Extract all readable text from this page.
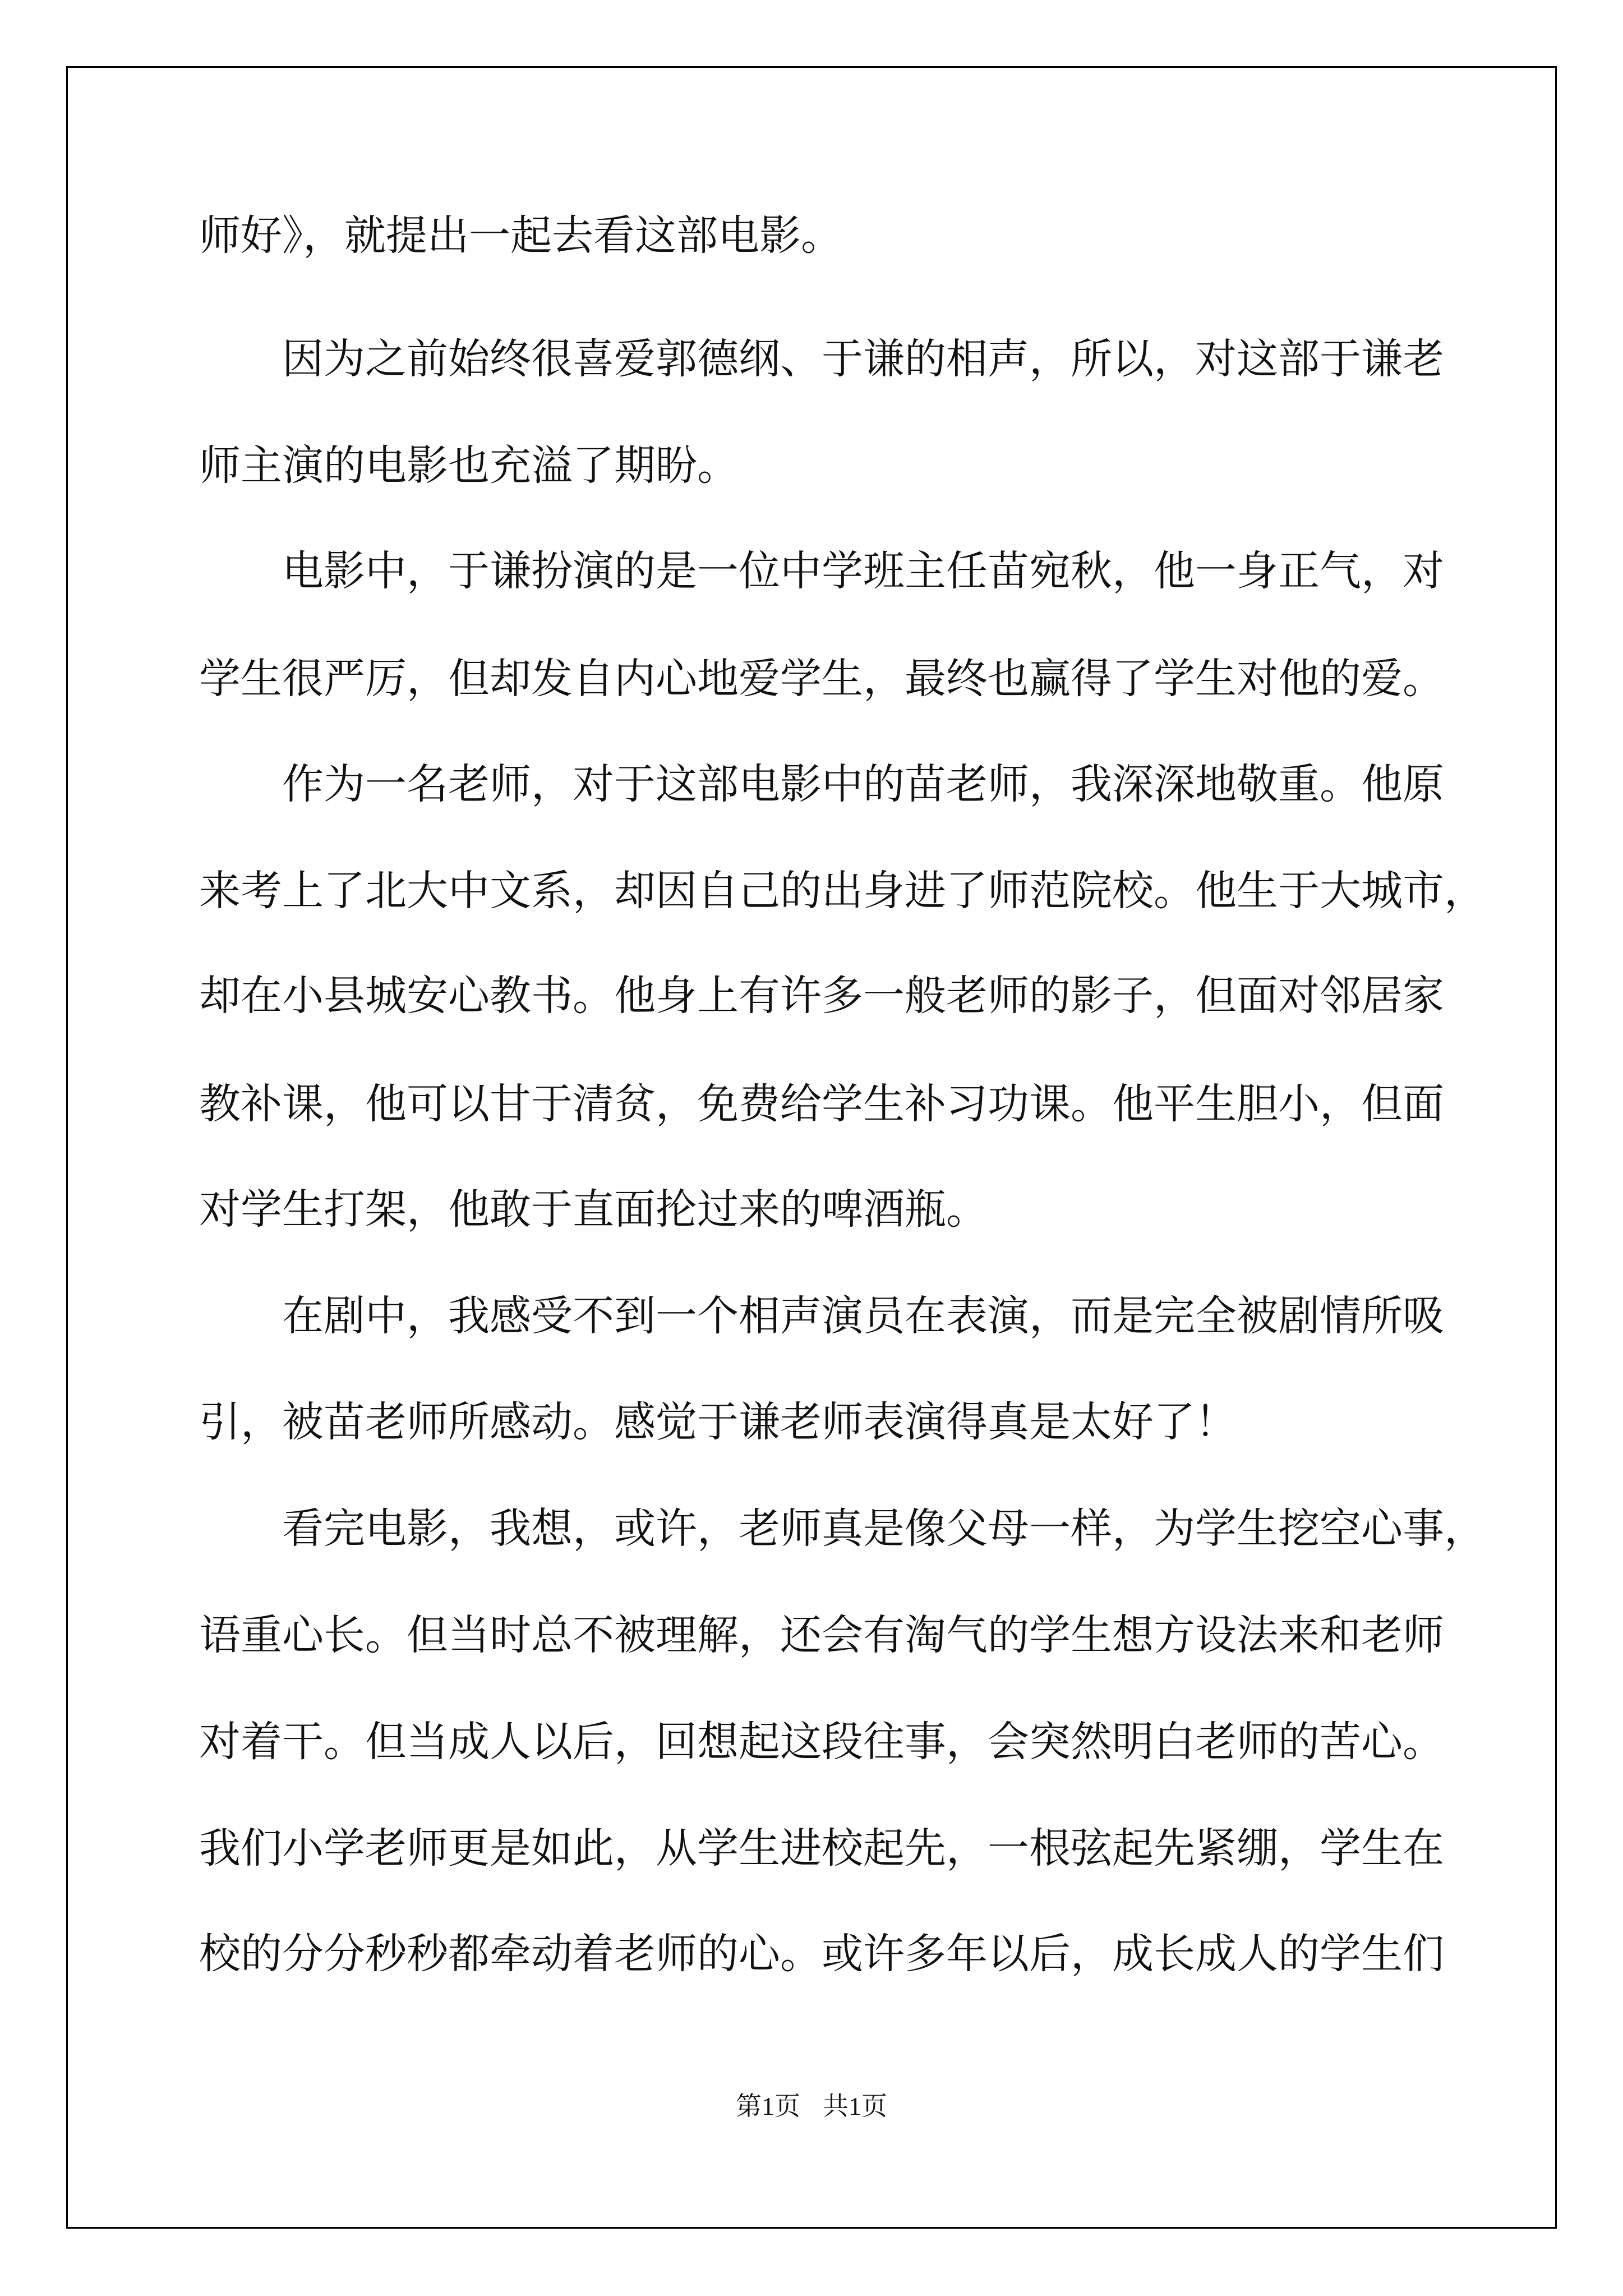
师好》，就提出一起去看这部电影。

因为之前始终很喜爱郭德纲、于谦的相声，所以，对这部于谦老

师主演的电影也充溢了期盼。

电影中，于谦扮演的是一位中学班主任苗宛秋，他一身正气，对

学生很严厉，但却发自内心地爱学生，最终也赢得了学生对他的爱。

作为一名老师，对于这部电影中的苗老师，我深深地敬重。他原

来考上了北大中文系，却因自己的出身进了师范院校。他生于大城市，

却在小县城安心教书。他身上有许多一般老师的影子，但面对邻居家

教补课，他可以甘于清贫，免费给学生补习功课。他平生胆小，但面

对学生打架，他敢于直面抡过来的啤酒瓶。

在剧中，我感受不到一个相声演员在表演，而是完全被剧情所吸

引，被苗老师所感动。感觉于谦老师表演得真是太好了！

看完电影，我想，或许，老师真是像父母一样，为学生挖空心事，

语重心长。但当时总不被理解，还会有淘气的学生想方设法来和老师

对着干。但当成人以后，回想起这段往事，会突然明白老师的苦心。

我们小学老师更是如此，从学生进校起先，一根弦起先紧绷，学生在

校的分分秒秒都牵动着老师的心。或许多年以后，成长成人的学生们

第1页 共1页
